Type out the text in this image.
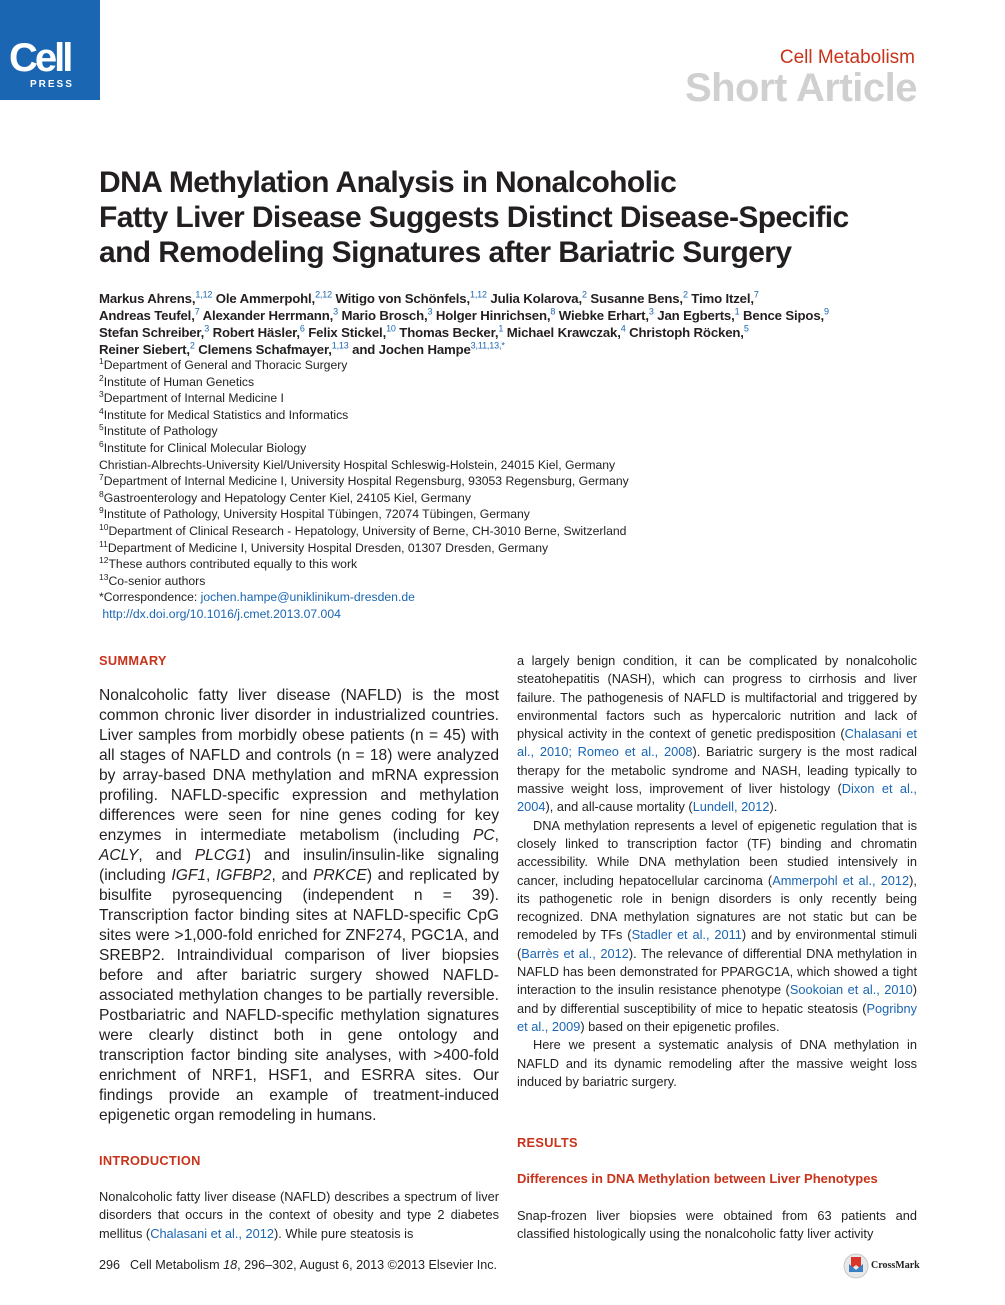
Cell
PRESS
Cell Metabolism
Short Article
DNA Methylation Analysis in Nonalcoholic
Fatty Liver Disease Suggests Distinct Disease-Specific
and Remodeling Signatures after Bariatric Surgery
Markus Ahrens,$^{1,12}$ Ole Ammerpohl,$^{2,12}$ Witigo von Schönfels,$^{1,12}$ Julia Kolarova,$^2$ Susanne Bens,$^2$ Timo Itzel,$^7$
Andreas Teufel,$^7$ Alexander Herrmann,$^3$ Mario Brosch,$^3$ Holger Hinrichsen,$^8$ Wiebke Erhart,$^3$ Jan Egberts,$^1$ Bence Sipos,$^9$
Stefan Schreiber,$^3$ Robert Häsler,$^6$ Felix Stickel,$^{10}$ Thomas Becker,$^1$ Michael Krawczak,$^4$ Christoph Röcken,$^5$
Reiner Siebert,$^2$ Clemens Schafmayer,$^{1,13}$ and Jochen Hampe$^{3,11,13,*}$
$^1$Department of General and Thoracic Surgery
$^2$Institute of Human Genetics
$^3$Department of Internal Medicine I
$^4$Institute for Medical Statistics and Informatics
$^5$Institute of Pathology
$^6$Institute for Clinical Molecular Biology
Christian-Albrechts-University Kiel/University Hospital Schleswig-Holstein, 24015 Kiel, Germany
$^7$Department of Internal Medicine I, University Hospital Regensburg, 93053 Regensburg, Germany
$^8$Gastroenterology and Hepatology Center Kiel, 24105 Kiel, Germany
$^9$Institute of Pathology, University Hospital Tübingen, 72074 Tübingen, Germany
$^{10}$Department of Clinical Research - Hepatology, University of Berne, CH-3010 Berne, Switzerland
$^{11}$Department of Medicine I, University Hospital Dresden, 01307 Dresden, Germany
$^{12}$These authors contributed equally to this work
$^{13}$Co-senior authors
*Correspondence: jochen.hampe@uniklinikum-dresden.de
http://dx.doi.org/10.1016/j.cmet.2013.07.004
SUMMARY
Nonalcoholic fatty liver disease (NAFLD) is the most common chronic liver disorder in industrialized countries. Liver samples from morbidly obese patients (n = 45) with all stages of NAFLD and controls (n = 18) were analyzed by array-based DNA methylation and mRNA expression profiling. NAFLD-specific expression and methylation differences were seen for nine genes coding for key enzymes in intermediate metabolism (including PC, ACLY, and PLCG1) and insulin/insulin-like signaling (including IGF1, IGFBP2, and PRKCE) and replicated by bisulfite pyrosequencing (independent n = 39). Transcription factor binding sites at NAFLD-specific CpG sites were >1,000-fold enriched for ZNF274, PGC1A, and SREBP2. Intraindividual comparison of liver biopsies before and after bariatric surgery showed NAFLD-associated methylation changes to be partially reversible. Postbariatric and NAFLD-specific methylation signatures were clearly distinct both in gene ontology and transcription factor binding site analyses, with >400-fold enrichment of NRF1, HSF1, and ESRRA sites. Our findings provide an example of treatment-induced epigenetic organ remodeling in humans.
INTRODUCTION
Nonalcoholic fatty liver disease (NAFLD) describes a spectrum of liver disorders that occurs in the context of obesity and type 2 diabetes mellitus (Chalasani et al., 2012). While pure steatosis is

a largely benign condition, it can be complicated by nonalcoholic steatohepatitis (NASH), which can progress to cirrhosis and liver failure. The pathogenesis of NAFLD is multifactorial and triggered by environmental factors such as hypercaloric nutrition and lack of physical activity in the context of genetic predisposition (Chalasani et al., 2010; Romeo et al., 2008). Bariatric surgery is the most radical therapy for the metabolic syndrome and NASH, leading typically to massive weight loss, improvement of liver histology (Dixon et al., 2004), and all-cause mortality (Lundell, 2012).

DNA methylation represents a level of epigenetic regulation that is closely linked to transcription factor (TF) binding and chromatin accessibility. While DNA methylation been studied intensively in cancer, including hepatocellular carcinoma (Ammerpohl et al., 2012), its pathogenetic role in benign disorders is only recently being recognized. DNA methylation signatures are not static but can be remodeled by TFs (Stadler et al., 2011) and by environmental stimuli (Barrès et al., 2012). The relevance of differential DNA methylation in NAFLD has been demonstrated for PPARGC1A, which showed a tight interaction to the insulin resistance phenotype (Sookoian et al., 2010) and by differential susceptibility of mice to hepatic steatosis (Pogribny et al., 2009) based on their epigenetic profiles.

Here we present a systematic analysis of DNA methylation in NAFLD and its dynamic remodeling after the massive weight loss induced by bariatric surgery.

RESULTS
Differences in DNA Methylation between Liver Phenotypes
Snap-frozen liver biopsies were obtained from 63 patients and classified histologically using the nonalcoholic fatty liver activity
296 Cell Metabolism 18, 296–302, August 6, 2013 ©2013 Elsevier Inc.	CrossMark
